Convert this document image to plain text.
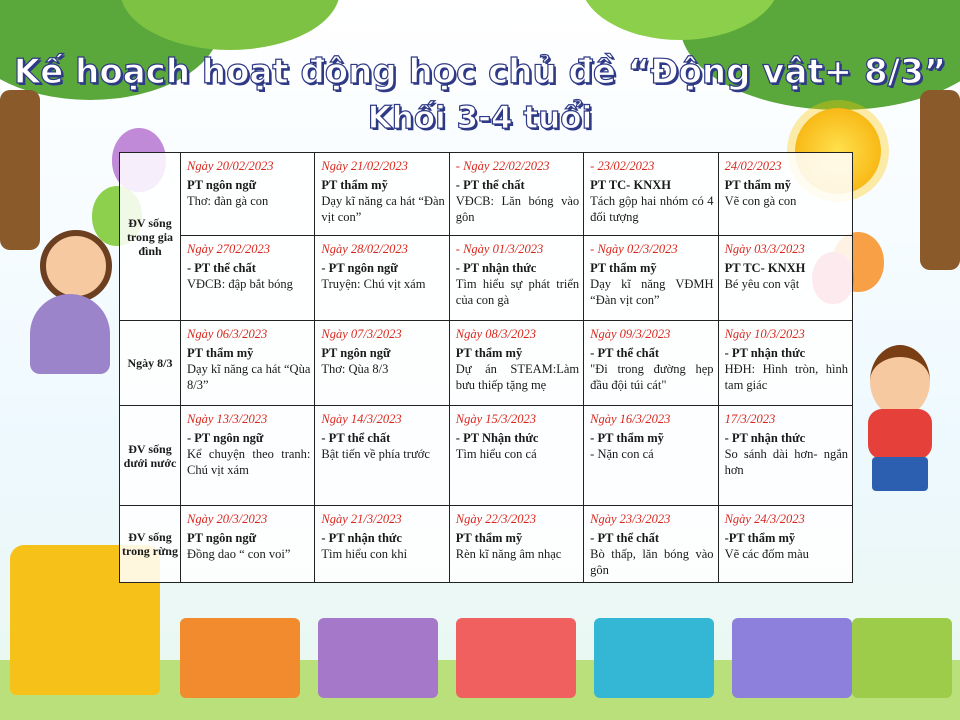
Kế hoạch hoạt động học chủ đề “Động vật+ 8/3”
Khối 3-4 tuổi
ĐV sống trong gia đình	Ngày 20/02/2023
PT ngôn ngữ
Thơ: đàn gà con	Ngày 21/02/2023
PT thẩm mỹ
Dạy kĩ năng ca hát “Đàn vịt con”	- Ngày 22/02/2023
- PT thể chất
VĐCB: Lăn bóng vào gôn	- 23/02/2023
PT TC- KNXH
Tách gộp hai nhóm có 4 đối tượng	24/02/2023
PT thẩm mỹ
Vẽ con gà con

	Ngày 2702/2023
- PT thể chất
VĐCB: đập bắt bóng	Ngày 28/02/2023
- PT ngôn ngữ
Truyện: Chú vịt xám	- Ngày 01/3/2023
- PT nhận thức
Tìm hiểu sự phát triển của con gà	- Ngày 02/3/2023
PT thẩm mỹ
Dạy kĩ năng VĐMH “Đàn vịt con”	Ngày 03/3/2023
PT TC- KNXH
Bé yêu con vật

Ngày 8/3	Ngày 06/3/2023
PT thẩm mỹ
Dạy kĩ năng ca hát “Qùa 8/3”	Ngày 07/3/2023
PT ngôn ngữ
Thơ: Qùa 8/3	Ngày 08/3/2023
PT thẩm mỹ
Dự án STEAM:Làm bưu thiếp tặng mẹ	Ngày 09/3/2023
- PT thể chất
"Đi trong đường hẹp đầu đội túi cát"	Ngày 10/3/2023
- PT nhận thức
HĐH: Hình tròn, hình tam giác

ĐV sống dưới nước	Ngày 13/3/2023
- PT ngôn ngữ
Kể chuyện theo tranh: Chú vịt xám	Ngày 14/3/2023
- PT thể chất
Bật tiến về phía trước	Ngày 15/3/2023
- PT Nhận thức
Tìm hiểu con cá	Ngày 16/3/2023
- PT thẩm mỹ
- Nặn con cá	17/3/2023
- PT nhận thức
So sánh dài hơn- ngắn hơn

ĐV sống trong rừng	Ngày 20/3/2023
PT ngôn ngữ
Đồng dao “ con voi”	Ngày 21/3/2023
- PT nhận thức
Tìm hiểu con khỉ	Ngày 22/3/2023
PT thẩm mỹ
Rèn kĩ năng âm nhạc	Ngày 23/3/2023
- PT thể chất
Bò thấp, lăn bóng vào gôn	Ngày 24/3/2023
-PT thẩm mỹ
Vẽ các đốm màu
